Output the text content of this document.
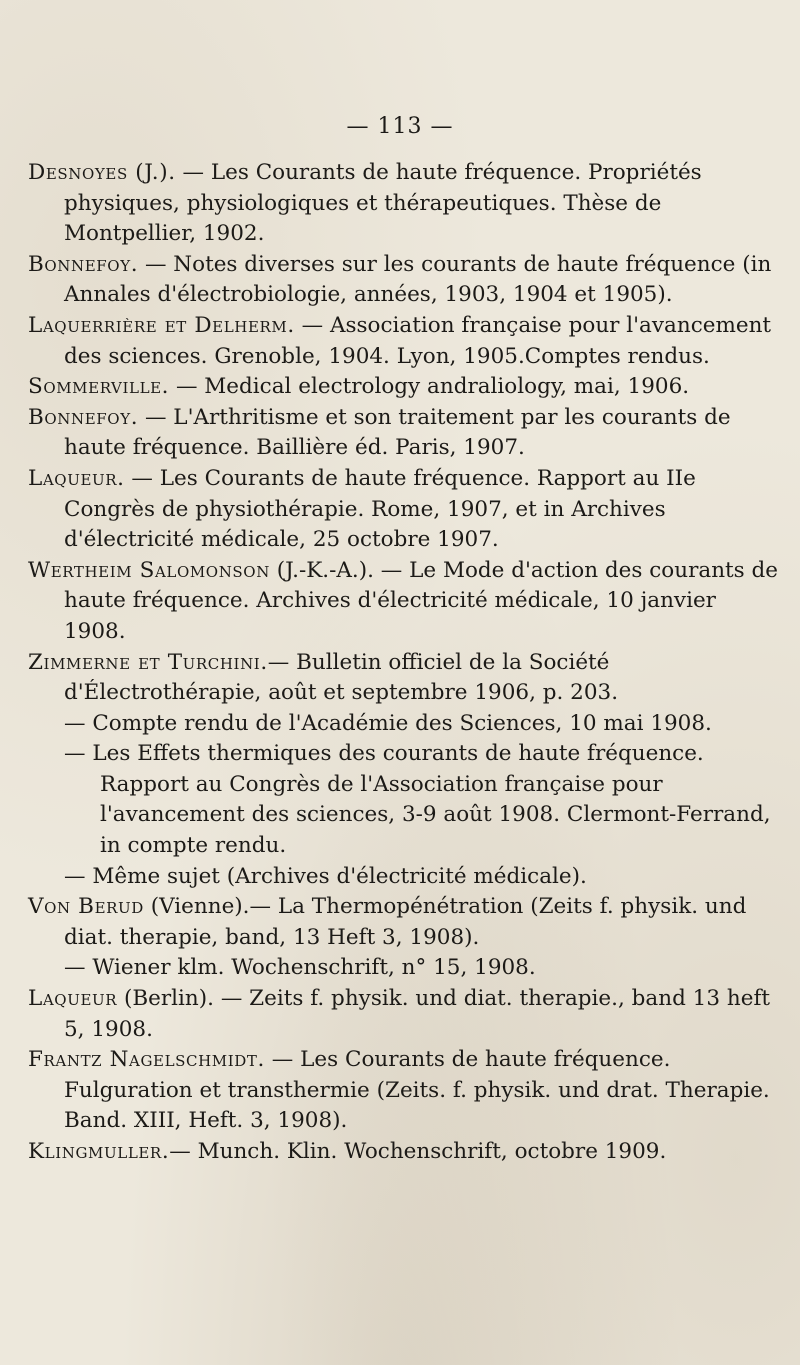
— 113 —

Desnoyes (J.). — Les Courants de haute fréquence. Propriétés physiques, physiologiques et thérapeutiques. Thèse de Montpellier, 1902.

Bonnefoy. — Notes diverses sur les courants de haute fréquence (in Annales d'électrobiologie, années, 1903, 1904 et 1905).

Laquerrière et Delherm. — Association française pour l'avancement des sciences. Grenoble, 1904. Lyon, 1905.Comptes rendus.

Sommerville. — Medical electrology andraliology, mai, 1906.

Bonnefoy. — L'Arthritisme et son traitement par les courants de haute fréquence. Baillière éd. Paris, 1907.

Laqueur. — Les Courants de haute fréquence. Rapport au IIe Congrès de physiothérapie. Rome, 1907, et in Archives d'électricité médicale, 25 octobre 1907.

Wertheim Salomonson (J.-K.-A.). — Le Mode d'action des courants de haute fréquence. Archives d'électricité médicale, 10 janvier 1908.

Zimmerne et Turchini.— Bulletin officiel de la Société d'Électrothérapie, août et septembre 1906, p. 203.

— Compte rendu de l'Académie des Sciences, 10 mai 1908.

— Les Effets thermiques des courants de haute fréquence. Rapport au Congrès de l'Association française pour l'avancement des sciences, 3-9 août 1908. Clermont-Ferrand, in compte rendu.

— Même sujet (Archives d'électricité médicale).

Von Berud (Vienne).— La Thermopénétration (Zeits f. physik. und diat. therapie, band, 13 Heft 3, 1908).

— Wiener klm. Wochenschrift, n° 15, 1908.

Laqueur (Berlin). — Zeits f. physik. und diat. therapie., band 13 heft 5, 1908.

Frantz Nagelschmidt. — Les Courants de haute fréquence. Fulguration et transthermie (Zeits. f. physik. und drat. Therapie. Band. XIII, Heft. 3, 1908).

Klingmuller.— Munch. Klin. Wochenschrift, octobre 1909.
